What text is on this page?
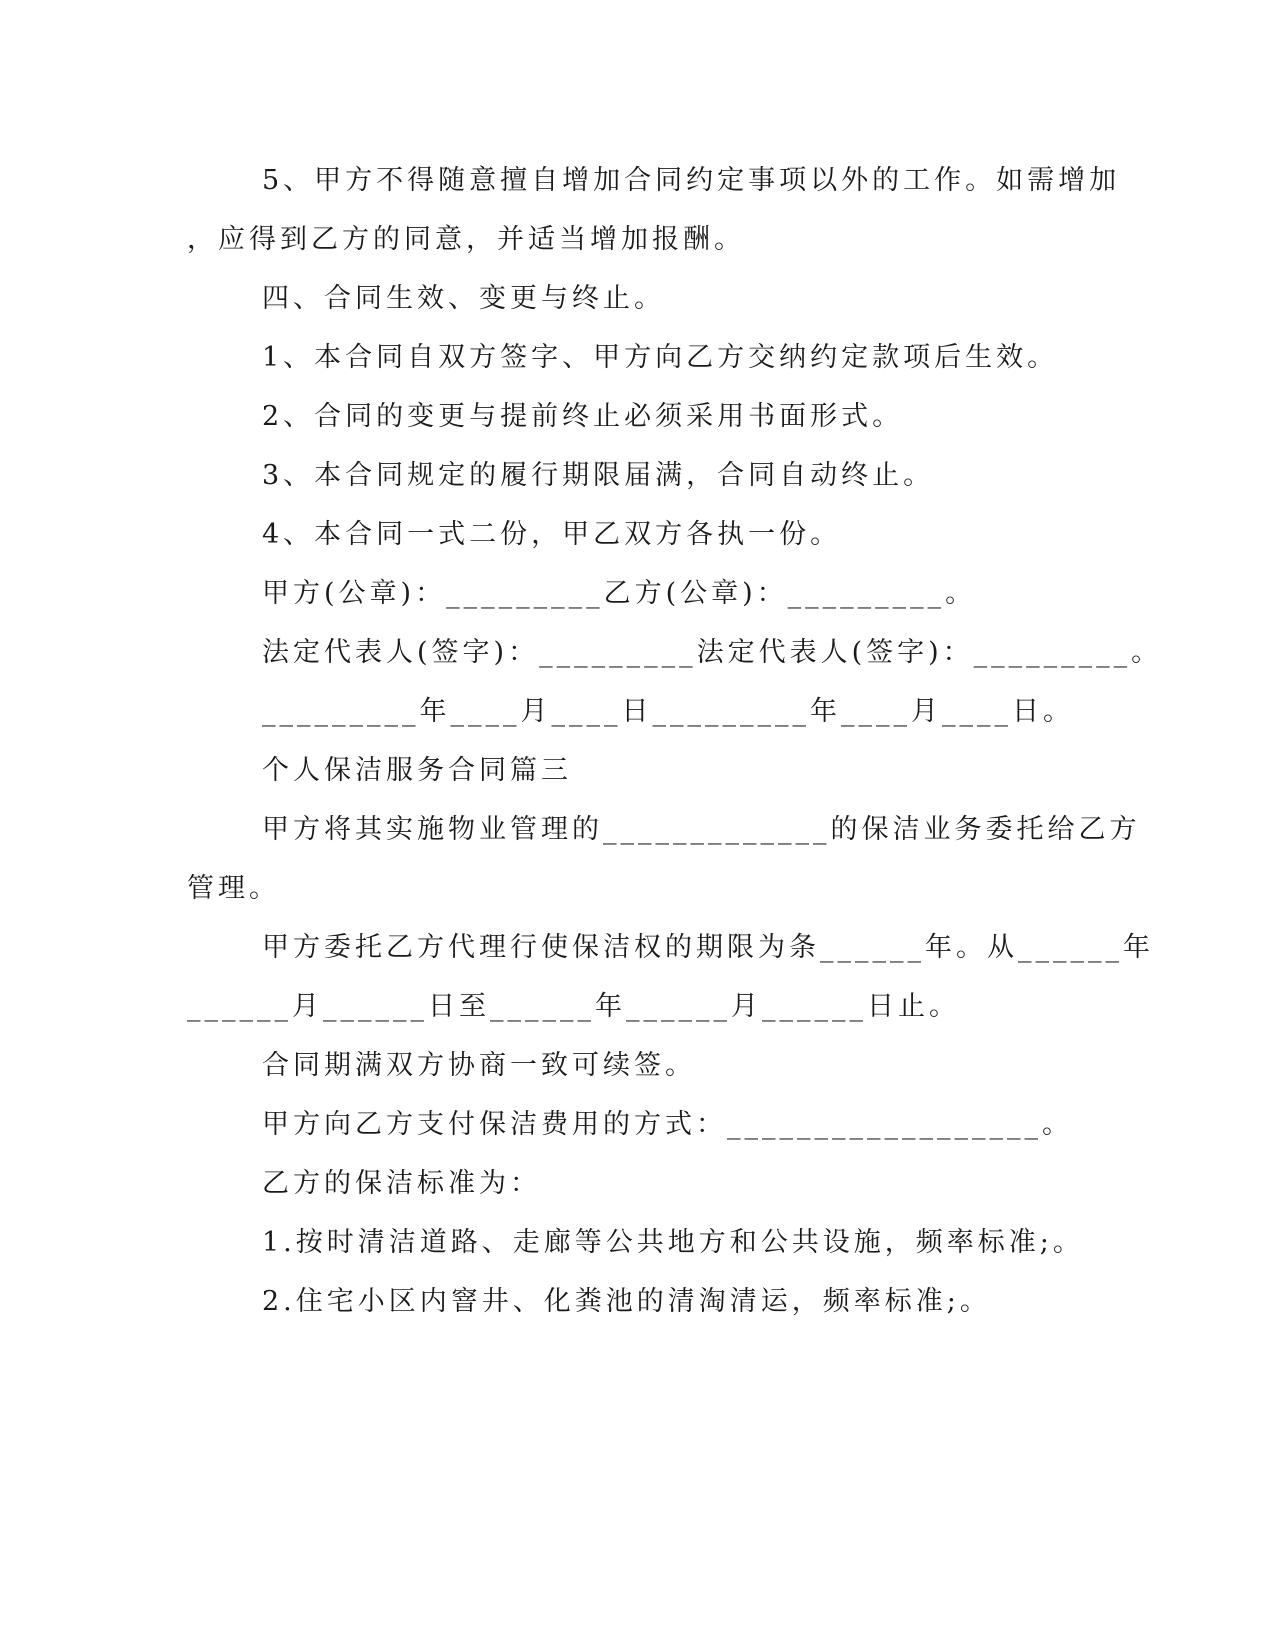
5、甲方不得随意擅自增加合同约定事项以外的工作。如需增加
，应得到乙方的同意，并适当增加报酬。
四、合同生效、变更与终止。
1、本合同自双方签字、甲方向乙方交纳约定款项后生效。
2、合同的变更与提前终止必须采用书面形式。
3、本合同规定的履行期限届满，合同自动终止。
4、本合同一式二份，甲乙双方各执一份。
甲方(公章)：_________乙方(公章)：_________。
法定代表人(签字)：_________法定代表人(签字)：_________。
_________年____月____日_________年____月____日。
个人保洁服务合同篇三
甲方将其实施物业管理的_____________的保洁业务委托给乙方
管理。
甲方委托乙方代理行使保洁权的期限为条______年。从______年
______月______日至______年______月______日止。
合同期满双方协商一致可续签。
甲方向乙方支付保洁费用的方式：__________________。
乙方的保洁标准为：
1.按时清洁道路、走廊等公共地方和公共设施，频率标准;。
2.住宅小区内窨井、化粪池的清淘清运，频率标准;。
